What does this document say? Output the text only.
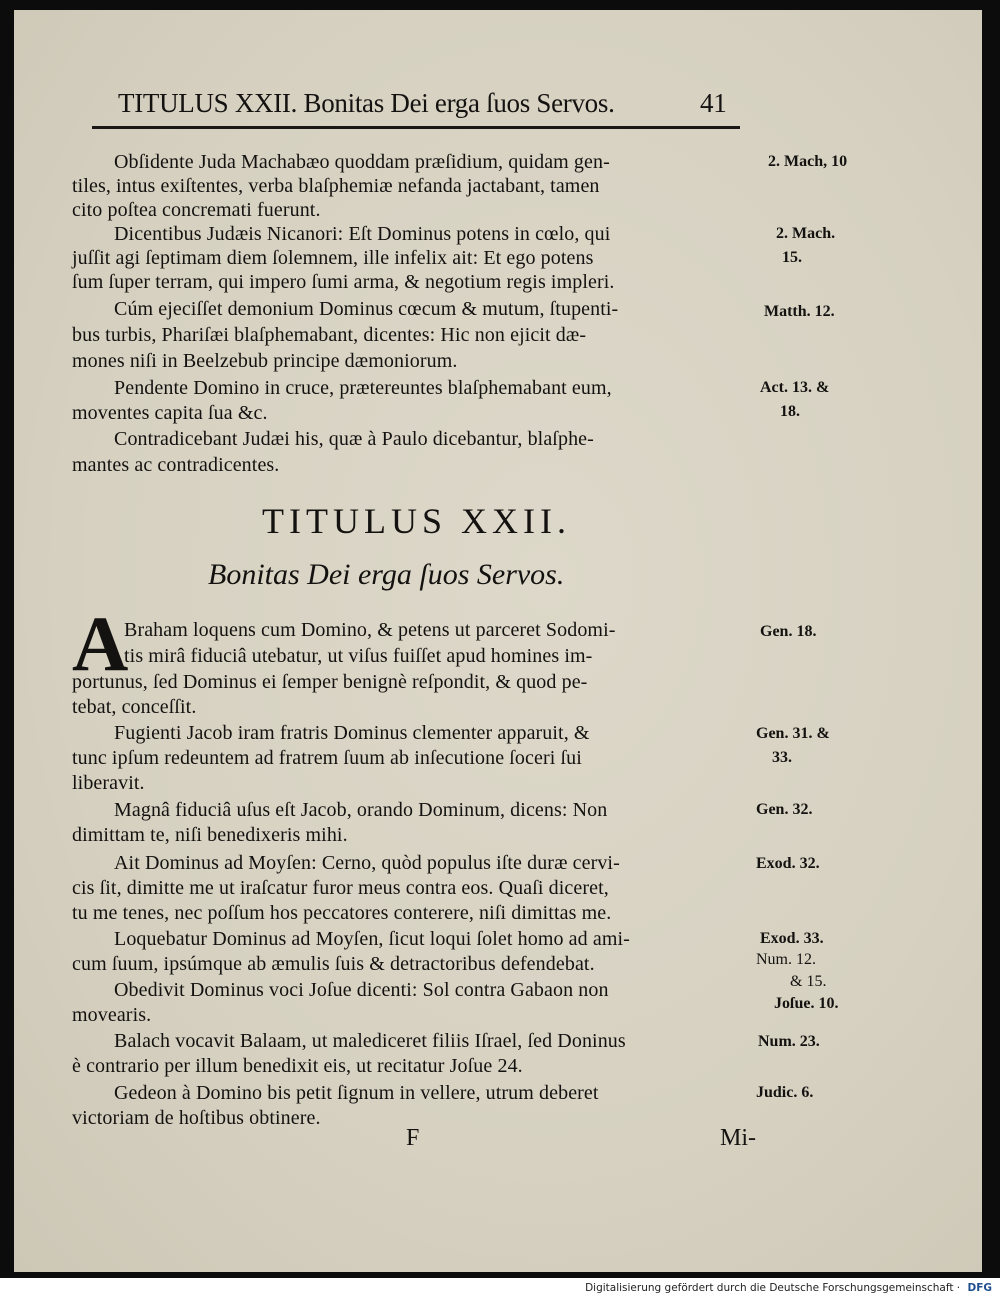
TITULUS XXII. Bonitas Dei erga ſuos Servos.	41
Obſidente Juda Machabæo quoddam præſidium, quidam gen-
tiles, intus exiſtentes, verba blaſphemiæ nefanda jactabant, tamen
cito poſtea concremati fuerunt.
Dicentibus Judæis Nicanori: Eſt Dominus potens in cœlo, qui
juſſit agi ſeptimam diem ſolemnem, ille infelix ait: Et ego potens
ſum ſuper terram, qui impero ſumi arma, & negotium regis impleri.
Cúm ejeciſſet demonium Dominus cœcum & mutum, ſtupenti-
bus turbis, Phariſæi blaſphemabant, dicentes: Hic non ejicit dæ-
mones niſi in Beelzebub principe dæmoniorum.
Pendente Domino in cruce, prætereuntes blaſphemabant eum,
moventes capita ſua &c.
Contradicebant Judæi his, quæ à Paulo dicebantur, blaſphe-
mantes ac contradicentes.
2. Mach, 10
2. Mach.
15.
Matth. 12.
Act. 13. &
18.
TITULUS XXII.
Bonitas Dei erga ſuos Servos.
A
Braham loquens cum Domino, & petens ut parceret Sodomi-
tis mirâ fiduciâ utebatur, ut viſus fuiſſet apud homines im-
portunus, ſed Dominus ei ſemper benignè reſpondit, & quod pe-
tebat, conceſſit.
Fugienti Jacob iram fratris Dominus clementer apparuit, &
tunc ipſum redeuntem ad fratrem ſuum ab inſecutione ſoceri ſui
liberavit.
Magnâ fiduciâ uſus eſt Jacob, orando Dominum, dicens: Non
dimittam te, niſi benedixeris mihi.
Ait Dominus ad Moyſen: Cerno, quòd populus iſte duræ cervi-
cis ſit, dimitte me ut iraſcatur furor meus contra eos. Quaſi diceret,
tu me tenes, nec poſſum hos peccatores conterere, niſi dimittas me.
Loquebatur Dominus ad Moyſen, ſicut loqui ſolet homo ad ami-
cum ſuum, ipsúmque ab æmulis ſuis & detractoribus defendebat.
Obedivit Dominus voci Joſue dicenti: Sol contra Gabaon non
movearis.
Balach vocavit Balaam, ut malediceret filiis Iſrael, ſed Doninus
è contrario per illum benedixit eis, ut recitatur Joſue 24.
Gedeon à Domino bis petit ſignum in vellere, utrum deberet
victoriam de hoſtibus obtinere.
Gen. 18.
Gen. 31. &
33.
Gen. 32.
Exod. 32.
Exod. 33.
Num. 12.
& 15.
Joſue. 10.
Num. 23.
Judic. 6.
F	Mi-
Digitalisierung gefördert durch die Deutsche Forschungsgemeinschaft · DFG
